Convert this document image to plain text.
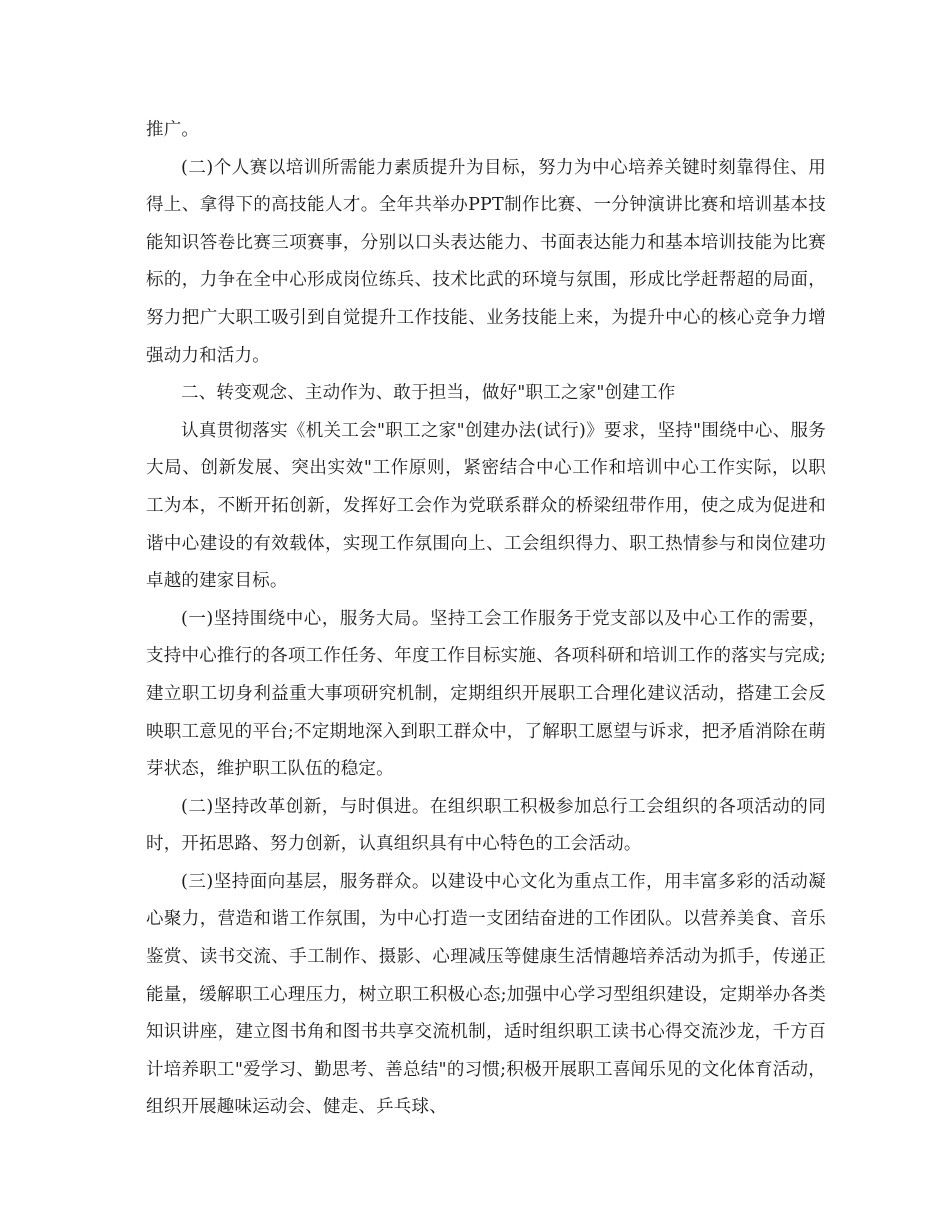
推广。

(二)个人赛以培训所需能力素质提升为目标，努力为中心培养关键时刻靠得住、用得上、拿得下的高技能人才。全年共举办PPT制作比赛、一分钟演讲比赛和培训基本技能知识答卷比赛三项赛事，分别以口头表达能力、书面表达能力和基本培训技能为比赛标的，力争在全中心形成岗位练兵、技术比武的环境与氛围，形成比学赶帮超的局面，努力把广大职工吸引到自觉提升工作技能、业务技能上来，为提升中心的核心竞争力增强动力和活力。

二、转变观念、主动作为、敢于担当，做好"职工之家"创建工作

认真贯彻落实《机关工会"职工之家"创建办法(试行)》要求，坚持"围绕中心、服务大局、创新发展、突出实效"工作原则，紧密结合中心工作和培训中心工作实际，以职工为本，不断开拓创新，发挥好工会作为党联系群众的桥梁纽带作用，使之成为促进和谐中心建设的有效载体，实现工作氛围向上、工会组织得力、职工热情参与和岗位建功卓越的建家目标。

(一)坚持围绕中心，服务大局。坚持工会工作服务于党支部以及中心工作的需要，支持中心推行的各项工作任务、年度工作目标实施、各项科研和培训工作的落实与完成;建立职工切身利益重大事项研究机制，定期组织开展职工合理化建议活动，搭建工会反映职工意见的平台;不定期地深入到职工群众中，了解职工愿望与诉求，把矛盾消除在萌芽状态，维护职工队伍的稳定。

(二)坚持改革创新，与时俱进。在组织职工积极参加总行工会组织的各项活动的同时，开拓思路、努力创新，认真组织具有中心特色的工会活动。

(三)坚持面向基层，服务群众。以建设中心文化为重点工作，用丰富多彩的活动凝心聚力，营造和谐工作氛围，为中心打造一支团结奋进的工作团队。以营养美食、音乐鉴赏、读书交流、手工制作、摄影、心理减压等健康生活情趣培养活动为抓手，传递正能量，缓解职工心理压力，树立职工积极心态;加强中心学习型组织建设，定期举办各类知识讲座，建立图书角和图书共享交流机制，适时组织职工读书心得交流沙龙，千方百计培养职工"爱学习、勤思考、善总结"的习惯;积极开展职工喜闻乐见的文化体育活动，组织开展趣味运动会、健走、乒乓球、
